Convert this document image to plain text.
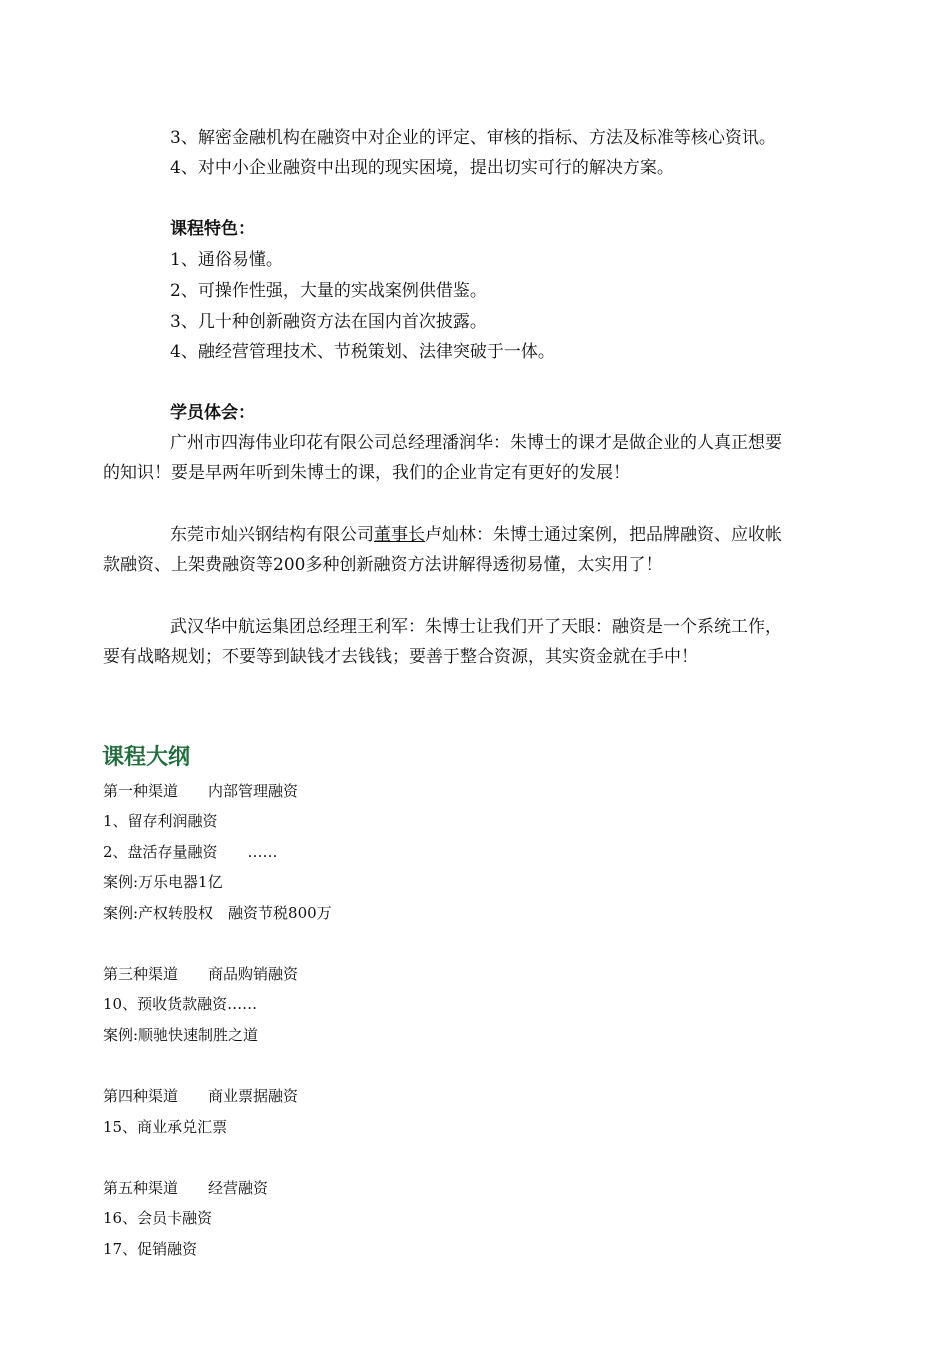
3、解密金融机构在融资中对企业的评定、审核的指标、方法及标准等核心资讯。
4、对中小企业融资中出现的现实困境，提出切实可行的解决方案。
课程特色：
1、通俗易懂。
2、可操作性强，大量的实战案例供借鉴。
3、几十种创新融资方法在国内首次披露。
4、融经营管理技术、节税策划、法律突破于一体。
学员体会：
广州市四海伟业印花有限公司总经理潘润华：朱博士的课才是做企业的人真正想要
的知识！要是早两年听到朱博士的课，我们的企业肯定有更好的发展！
东莞市灿兴钢结构有限公司董事长卢灿林：朱博士通过案例，把品牌融资、应收帐
款融资、上架费融资等200多种创新融资方法讲解得透彻易懂，太实用了！
武汉华中航运集团总经理王利军：朱博士让我们开了天眼：融资是一个系统工作，
要有战略规划；不要等到缺钱才去钱钱；要善于整合资源，其实资金就在手中！
课程大纲
第一种渠道　　内部管理融资
1、留存利润融资
2、盘活存量融资　　……
案例:万乐电器1亿
案例:产权转股权　融资节税800万
第三种渠道　　商品购销融资
10、预收货款融资……
案例:顺驰快速制胜之道
第四种渠道　　商业票据融资
15、商业承兑汇票
第五种渠道　　经营融资
16、会员卡融资
17、促销融资
